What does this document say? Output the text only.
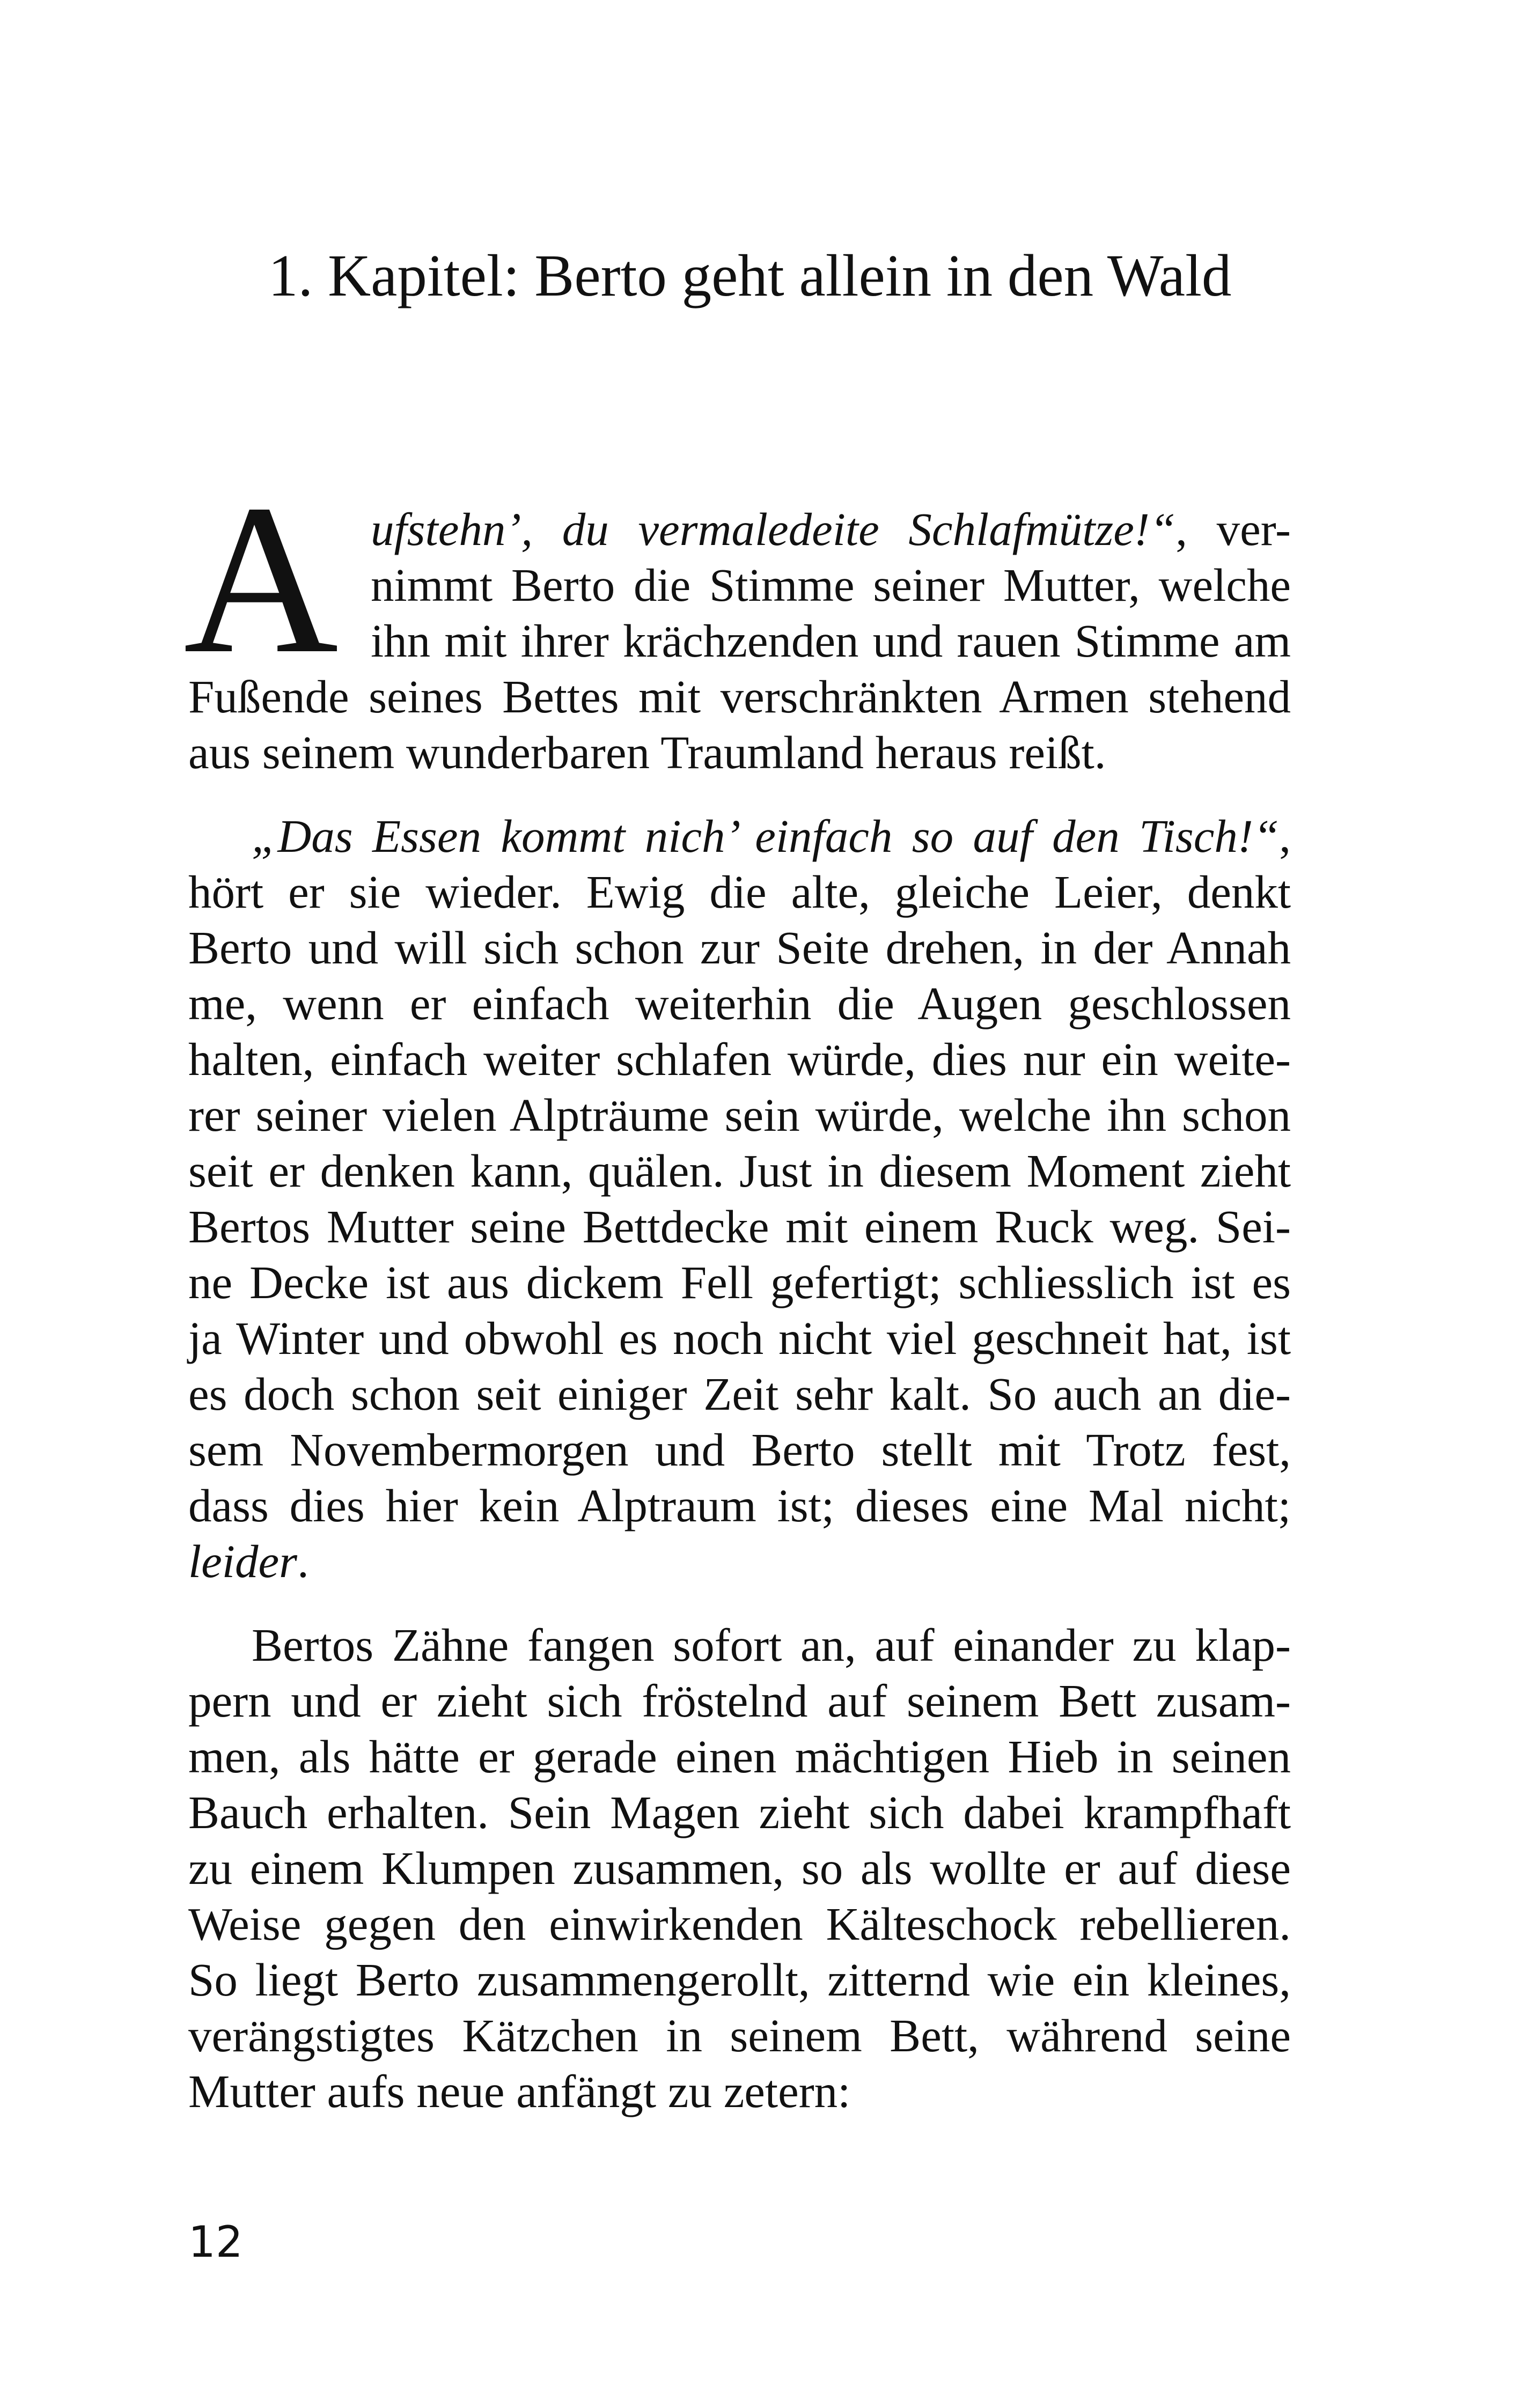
1. Kapitel: Berto geht allein in den Wald
A ufstehn’, du vermaledeite Schlafmütze!“, ver-
nimmt Berto die Stimme seiner Mutter, welche
ihn mit ihrer krächzenden und rauen Stimme am
Fußende seines Bettes mit verschränkten Armen stehend
aus seinem wunderbaren Traumland heraus reißt.
„Das Essen kommt nich’ einfach so auf den Tisch!“,
hört er sie wieder. Ewig die alte, gleiche Leier, denkt
Berto und will sich schon zur Seite drehen, in der Annah
me, wenn er einfach weiterhin die Augen geschlossen
halten, einfach weiter schlafen würde, dies nur ein weite-
rer seiner vielen Alpträume sein würde, welche ihn schon
seit er denken kann, quälen. Just in diesem Moment zieht
Bertos Mutter seine Bettdecke mit einem Ruck weg. Sei-
ne Decke ist aus dickem Fell gefertigt; schliesslich ist es
ja Winter und obwohl es noch nicht viel geschneit hat, ist
es doch schon seit einiger Zeit sehr kalt. So auch an die-
sem Novembermorgen und Berto stellt mit Trotz fest,
dass dies hier kein Alptraum ist; dieses eine Mal nicht;
leider.
Bertos Zähne fangen sofort an, auf einander zu klap-
pern und er zieht sich fröstelnd auf seinem Bett zusam-
men, als hätte er gerade einen mächtigen Hieb in seinen
Bauch erhalten. Sein Magen zieht sich dabei krampfhaft
zu einem Klumpen zusammen, so als wollte er auf diese
Weise gegen den einwirkenden Kälteschock rebellieren.
So liegt Berto zusammengerollt, zitternd wie ein kleines,
verängstigtes Kätzchen in seinem Bett, während seine
Mutter aufs neue anfängt zu zetern:
12
